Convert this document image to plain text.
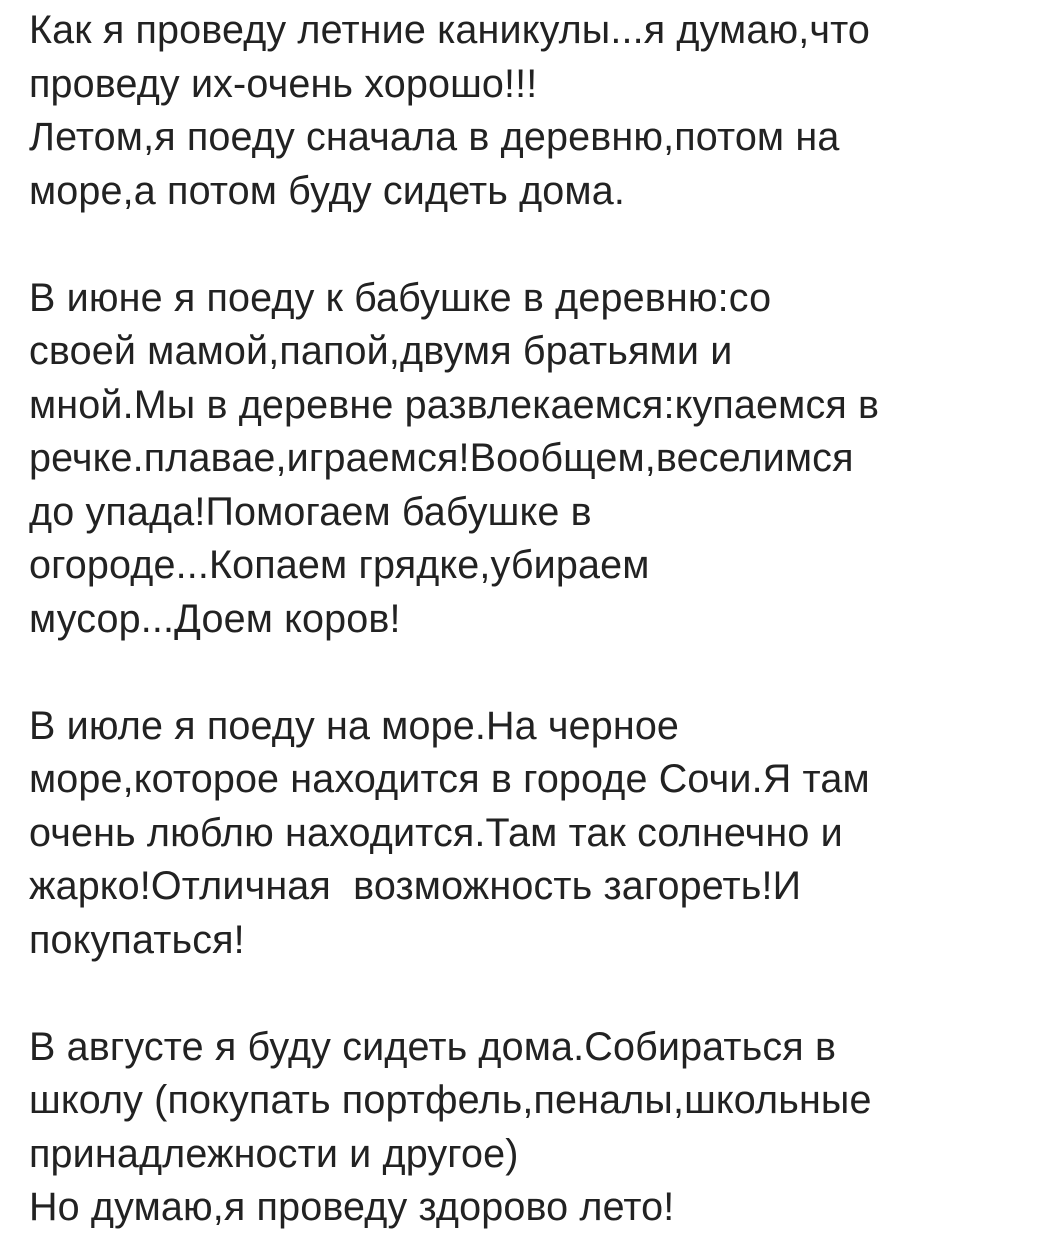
Как я проведу летние каникулы...я думаю,что
проведу их-очень хорошо!!!
Летом,я поеду сначала в деревню,потом на
море,а потом буду сидеть дома.
В июне я поеду к бабушке в деревню:со
своей мамой,папой,двумя братьями и
мной.Мы в деревне развлекаемся:купаемся в
речке.плавае,играемся!Вообщем,веселимся
до упада!Помогаем бабушке в
огороде...Копаем грядке,убираем
мусор...Доем коров!
В июле я поеду на море.На черное
море,которое находится в городе Сочи.Я там
очень люблю находится.Там так солнечно и
жарко!Отличная  возможность загореть!И
покупаться!
В августе я буду сидеть дома.Собираться в
школу (покупать портфель,пеналы,школьные
принадлежности и другое)
Но думаю,я проведу здорово лето!
